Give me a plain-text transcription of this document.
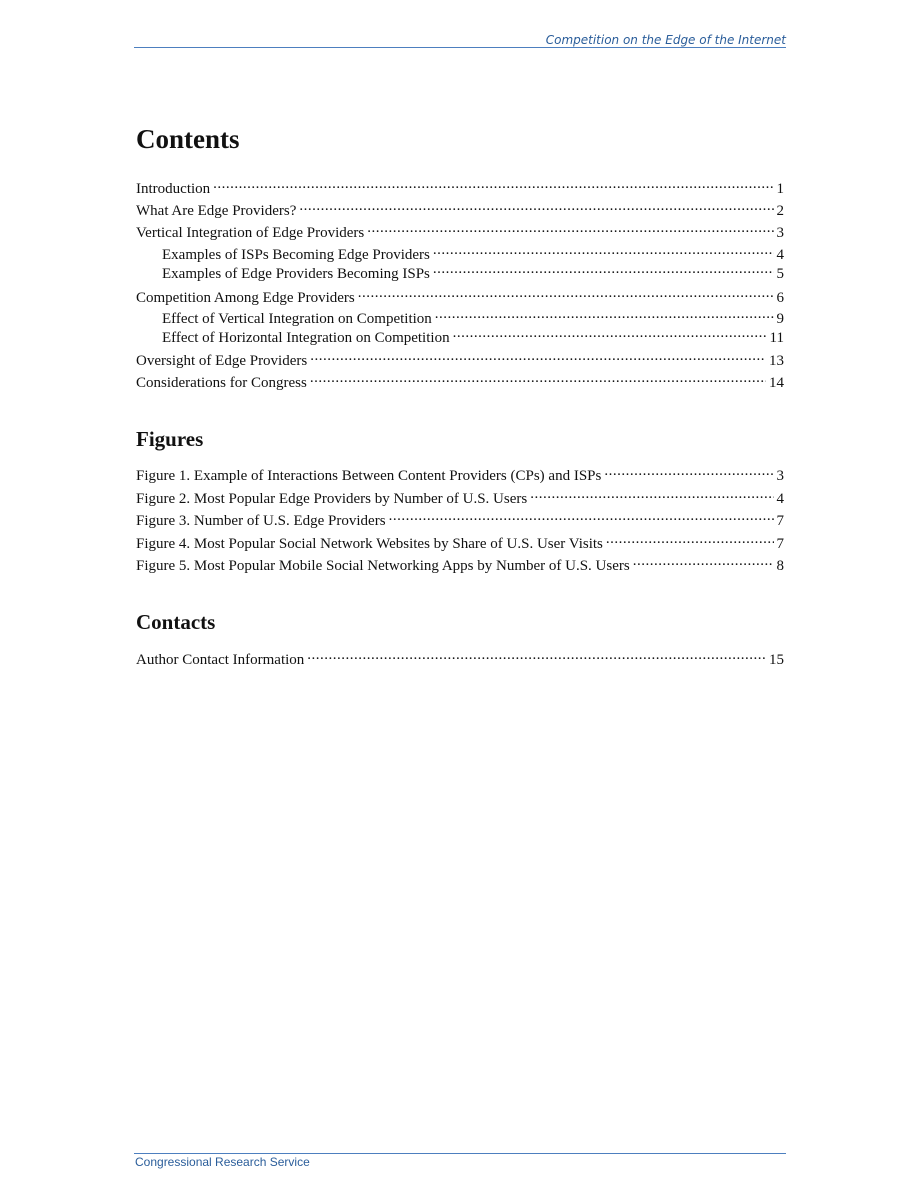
Competition on the Edge of the Internet
Contents
Introduction .....	1
What Are Edge Providers? .....	2
Vertical Integration of Edge Providers .....	3
Examples of ISPs Becoming Edge Providers .....	4
Examples of Edge Providers Becoming ISPs .....	5
Competition Among Edge Providers .....	6
Effect of Vertical Integration on Competition .....	9
Effect of Horizontal Integration on Competition .....	11
Oversight of Edge Providers .....	13
Considerations for Congress .....	14
Figures
Figure 1. Example of Interactions Between Content Providers (CPs) and ISPs .....	3
Figure 2. Most Popular Edge Providers by Number of U.S. Users .....	4
Figure 3. Number of U.S. Edge Providers .....	7
Figure 4. Most Popular Social Network Websites by Share of U.S. User Visits .....	7
Figure 5. Most Popular Mobile Social Networking Apps by Number of U.S. Users .....	8
Contacts
Author Contact Information .....	15
Congressional Research Service
